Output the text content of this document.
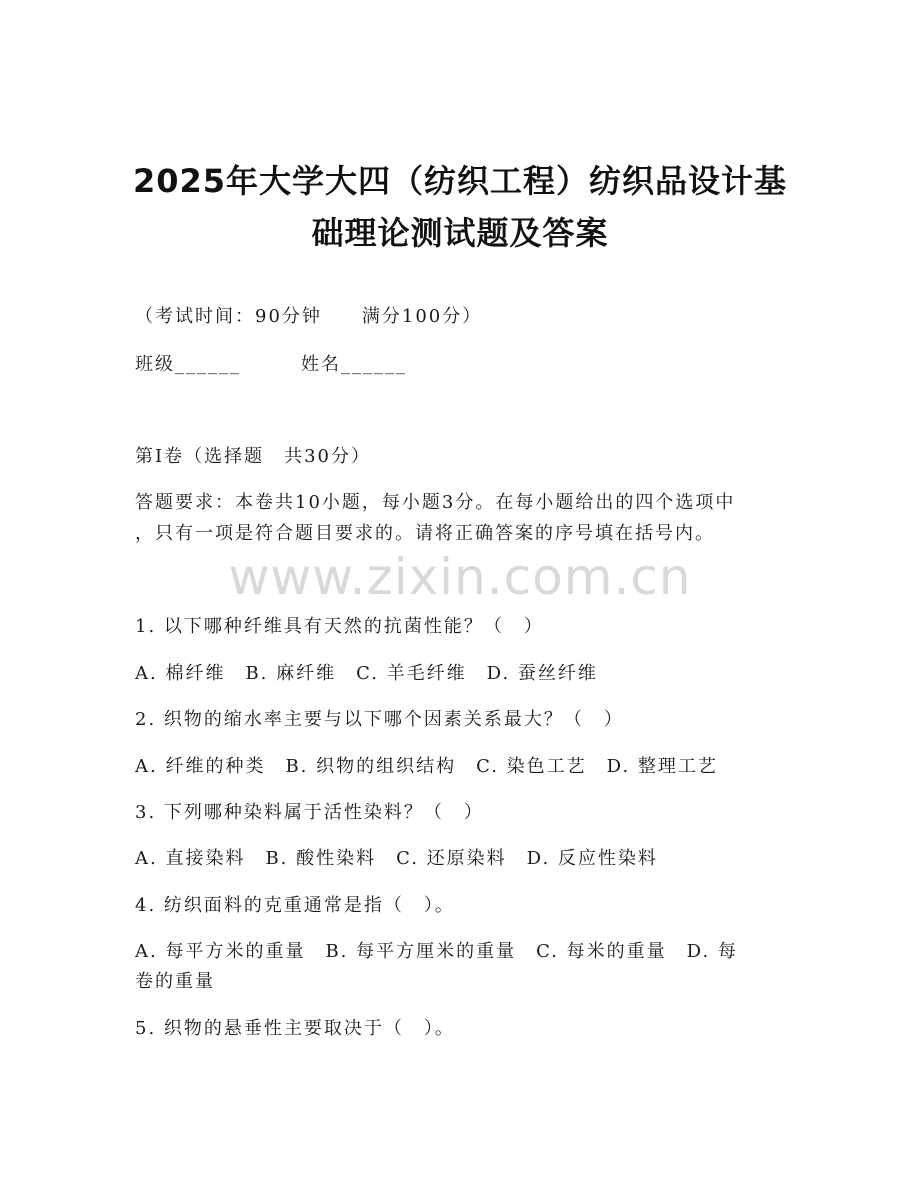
2025年大学大四（纺织工程）纺织品设计基
础理论测试题及答案
（考试时间：90分钟　　满分100分）
班级______　　　姓名______
第I卷（选择题　共30分）
答题要求：本卷共10小题，每小题3分。在每小题给出的四个选项中
，只有一项是符合题目要求的。请将正确答案的序号填在括号内。
www.zixin.com.cn
1. 以下哪种纤维具有天然的抗菌性能？（　）
A. 棉纤维　B. 麻纤维　C. 羊毛纤维　D. 蚕丝纤维
2. 织物的缩水率主要与以下哪个因素关系最大？（　）
A. 纤维的种类　B. 织物的组织结构　C. 染色工艺　D. 整理工艺
3. 下列哪种染料属于活性染料？（　）
A. 直接染料　B. 酸性染料　C. 还原染料　D. 反应性染料
4. 纺织面料的克重通常是指（　）。
A. 每平方米的重量　B. 每平方厘米的重量　C. 每米的重量　D. 每
卷的重量
5. 织物的悬垂性主要取决于（　）。
